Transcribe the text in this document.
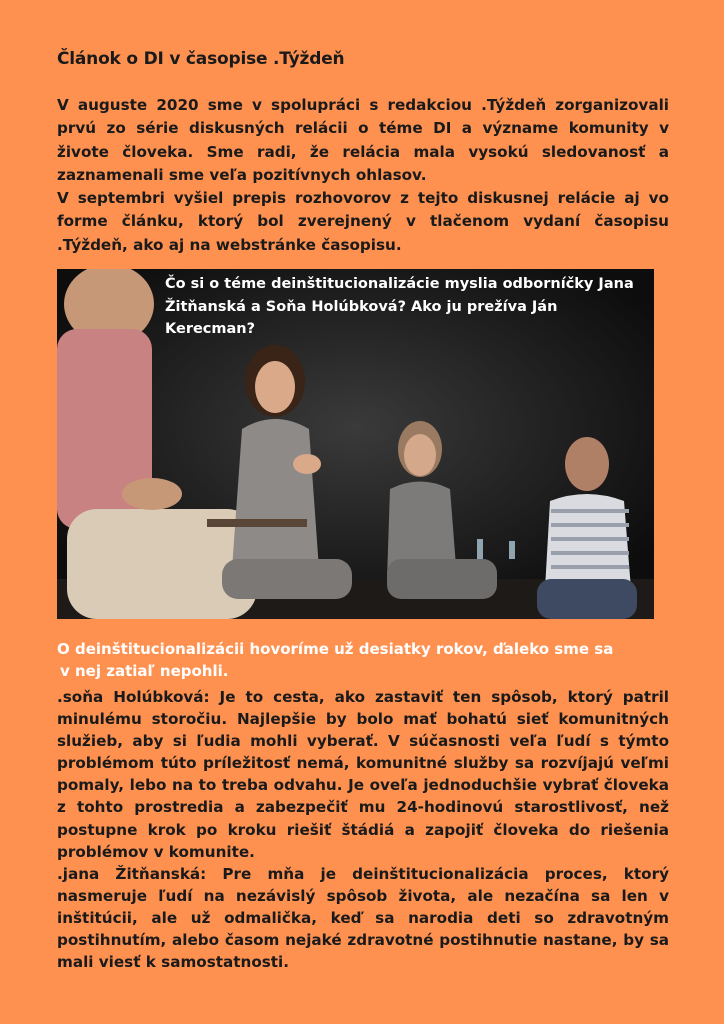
Článok o DI v časopise .Týždeň

V auguste 2020 sme v spolupráci s redakciou .Týždeň zorganizovali prvú zo série diskusných relácii o téme DI a význame komunity v živote človeka. Sme radi, že relácia mala vysokú sledovanosť a zaznamenali sme veľa pozitívnych ohlasov.

V septembri vyšiel prepis rozhovorov z tejto diskusnej relácie aj vo forme článku, ktorý bol zverejnený v tlačenom vydaní časopisu .Týždeň, ako aj na webstránke časopisu.

Čo si o téme deinštitucionalizácie myslia odborníčky Jana Žitňanská a Soňa Holúbková? Ako ju prežíva Ján Kerecman?

O deinštitucionalizácii hovoríme už desiatky rokov, ďaleko sme sa
v nej zatiaľ nepohli.

.soňa Holúbková: Je to cesta, ako zastaviť ten spôsob, ktorý patril minulému storočiu. Najlepšie by bolo mať bohatú sieť komunitných služieb, aby si ľudia mohli vyberať. V súčasnosti veľa ľudí s týmto problémom túto príležitosť nemá, komunitné služby sa rozvíjajú veľmi pomaly, lebo na to treba odvahu. Je oveľa jednoduchšie vybrať človeka z tohto prostredia a zabezpečiť mu 24-hodinovú starostlivosť, než postupne krok po kroku riešiť štádiá a zapojiť človeka do riešenia problémov v komunite.

.jana Žitňanská: Pre mňa je deinštitucionalizácia proces, ktorý nasmeruje ľudí na nezávislý spôsob života, ale nezačína sa len v inštitúcii, ale už odmalička, keď sa narodia deti so zdravotným postihnutím, alebo časom nejaké zdravotné postihnutie nastane, by sa mali viesť k samostatnosti.
